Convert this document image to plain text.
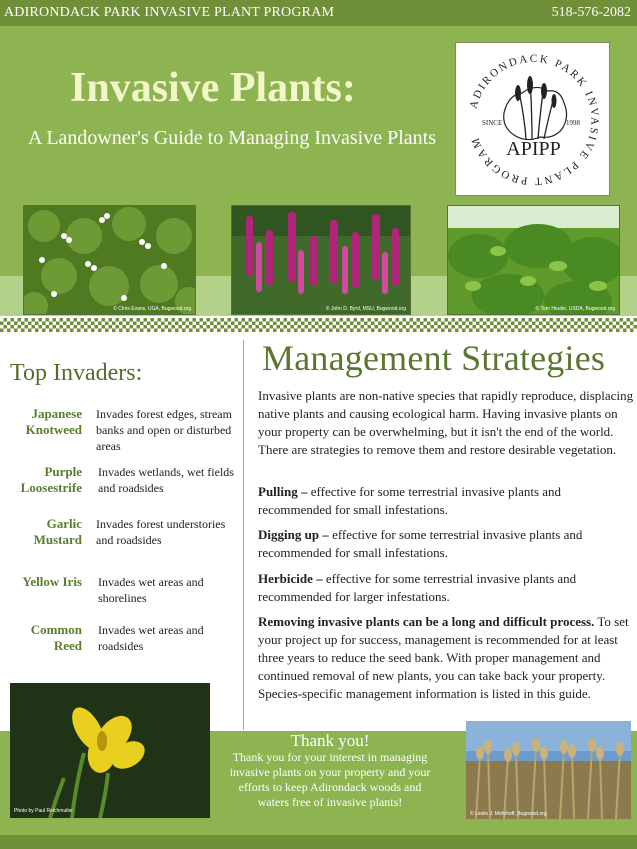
ADIRONDACK PARK INVASIVE PLANT PROGRAM	518-576-2082
Invasive Plants:
A Landowner's Guide to Managing Invasive Plants
ADIRONDACK PARK INVASIVE PLANT PROGRAM
SINCE	1998
APIPP
© Chris Evans, UGA, Bugwood.org	© John D. Byrd, MSU, Bugwood.org	© Tom Heutte, USDA, Bugwood.org
Top Invaders:
Japanese Knotweed
Invades forest edges, stream banks and open or disturbed areas
Purple Loosestrife
Invades wetlands, wet fields and roadsides
Garlic Mustard
Invades forest understories and roadsides
Yellow Iris Invades wet areas and shorelines
Common Reed
Invades wet areas and roadsides
Management Strategies
Invasive plants are non-native species that rapidly reproduce, displacing native plants and causing ecological harm. Having invasive plants on your property can be overwhelming, but it isn't the end of the world. There are strategies to remove them and restore desirable vegetation.
Pulling – effective for some terrestrial invasive plants and recommended for small infestations.
Digging up – effective for some terrestrial invasive plants and recommended for small infestations.
Herbicide – effective for some terrestrial invasive plants and recommended for larger infestations.
Removing invasive plants can be a long and difficult process. To set your project up for success, management is recommended for at least three years to reduce the seed bank. With proper management and continued removal of new plants, you can take back your property. Species-specific management information is listed in this guide.
Photo by Paul Reichmuller
Thank you!
Thank you for your interest in managing invasive plants on your property and your efforts to keep Adirondack woods and waters free of invasive plants!
© Leslie J. Mehrhoff, Bugwood.org
